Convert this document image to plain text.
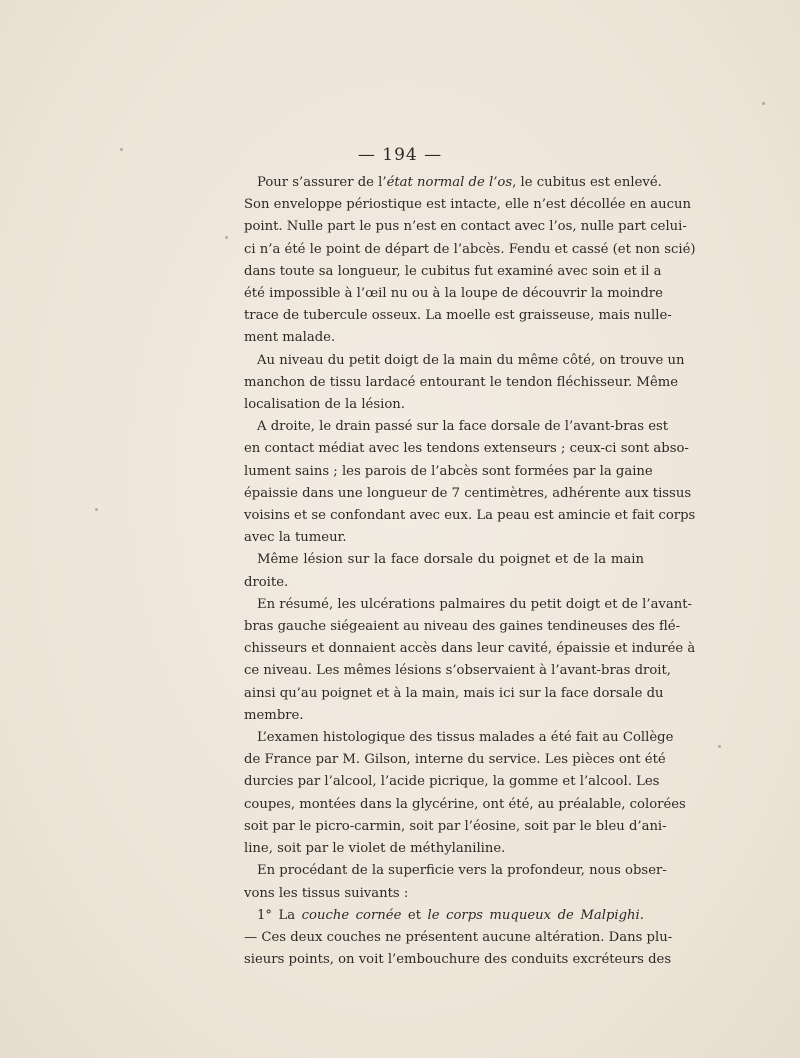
— 194 —
Pour s’assurer de l’état normal de l’os, le cubitus est enlevé.
Son enveloppe périostique est intacte, elle n’est décollée en aucun
point. Nulle part le pus n’est en contact avec l’os, nulle part celui-
ci n’a été le point de départ de l’abcès. Fendu et cassé (et non scié)
dans toute sa longueur, le cubitus fut examiné avec soin et il a
été impossible à l’œil nu ou à la loupe de découvrir la moindre
trace de tubercule osseux. La moelle est graisseuse, mais nulle-
ment malade.
Au niveau du petit doigt de la main du même côté, on trouve un
manchon de tissu lardacé entourant le tendon fléchisseur. Même
localisation de la lésion.
A droite, le drain passé sur la face dorsale de l’avant-bras est
en contact médiat avec les tendons extenseurs ; ceux-ci sont abso-
lument sains ; les parois de l’abcès sont formées par la gaine
épaissie dans une longueur de 7 centimètres, adhérente aux tissus
voisins et se confondant avec eux. La peau est amincie et fait corps
avec la tumeur.
Même lésion sur la face dorsale du poignet et de la main
droite.
En résumé, les ulcérations palmaires du petit doigt et de l’avant-
bras gauche siégeaient au niveau des gaines tendineuses des flé-
chisseurs et donnaient accès dans leur cavité, épaissie et indurée à
ce niveau. Les mêmes lésions s’observaient à l’avant-bras droit,
ainsi qu’au poignet et à la main, mais ici sur la face dorsale du
membre.
L’examen histologique des tissus malades a été fait au Collège
de France par M. Gilson, interne du service. Les pièces ont été
durcies par l’alcool, l’acide picrique, la gomme et l’alcool. Les
coupes, montées dans la glycérine, ont été, au préalable, colorées
soit par le picro-carmin, soit par l’éosine, soit par le bleu d’ani-
line, soit par le violet de méthylaniline.
En procédant de la superficie vers la profondeur, nous obser-
vons les tissus suivants :
1° La couche cornée et le corps muqueux de Malpighi.
— Ces deux couches ne présentent aucune altération. Dans plu-
sieurs points, on voit l’embouchure des conduits excréteurs des
